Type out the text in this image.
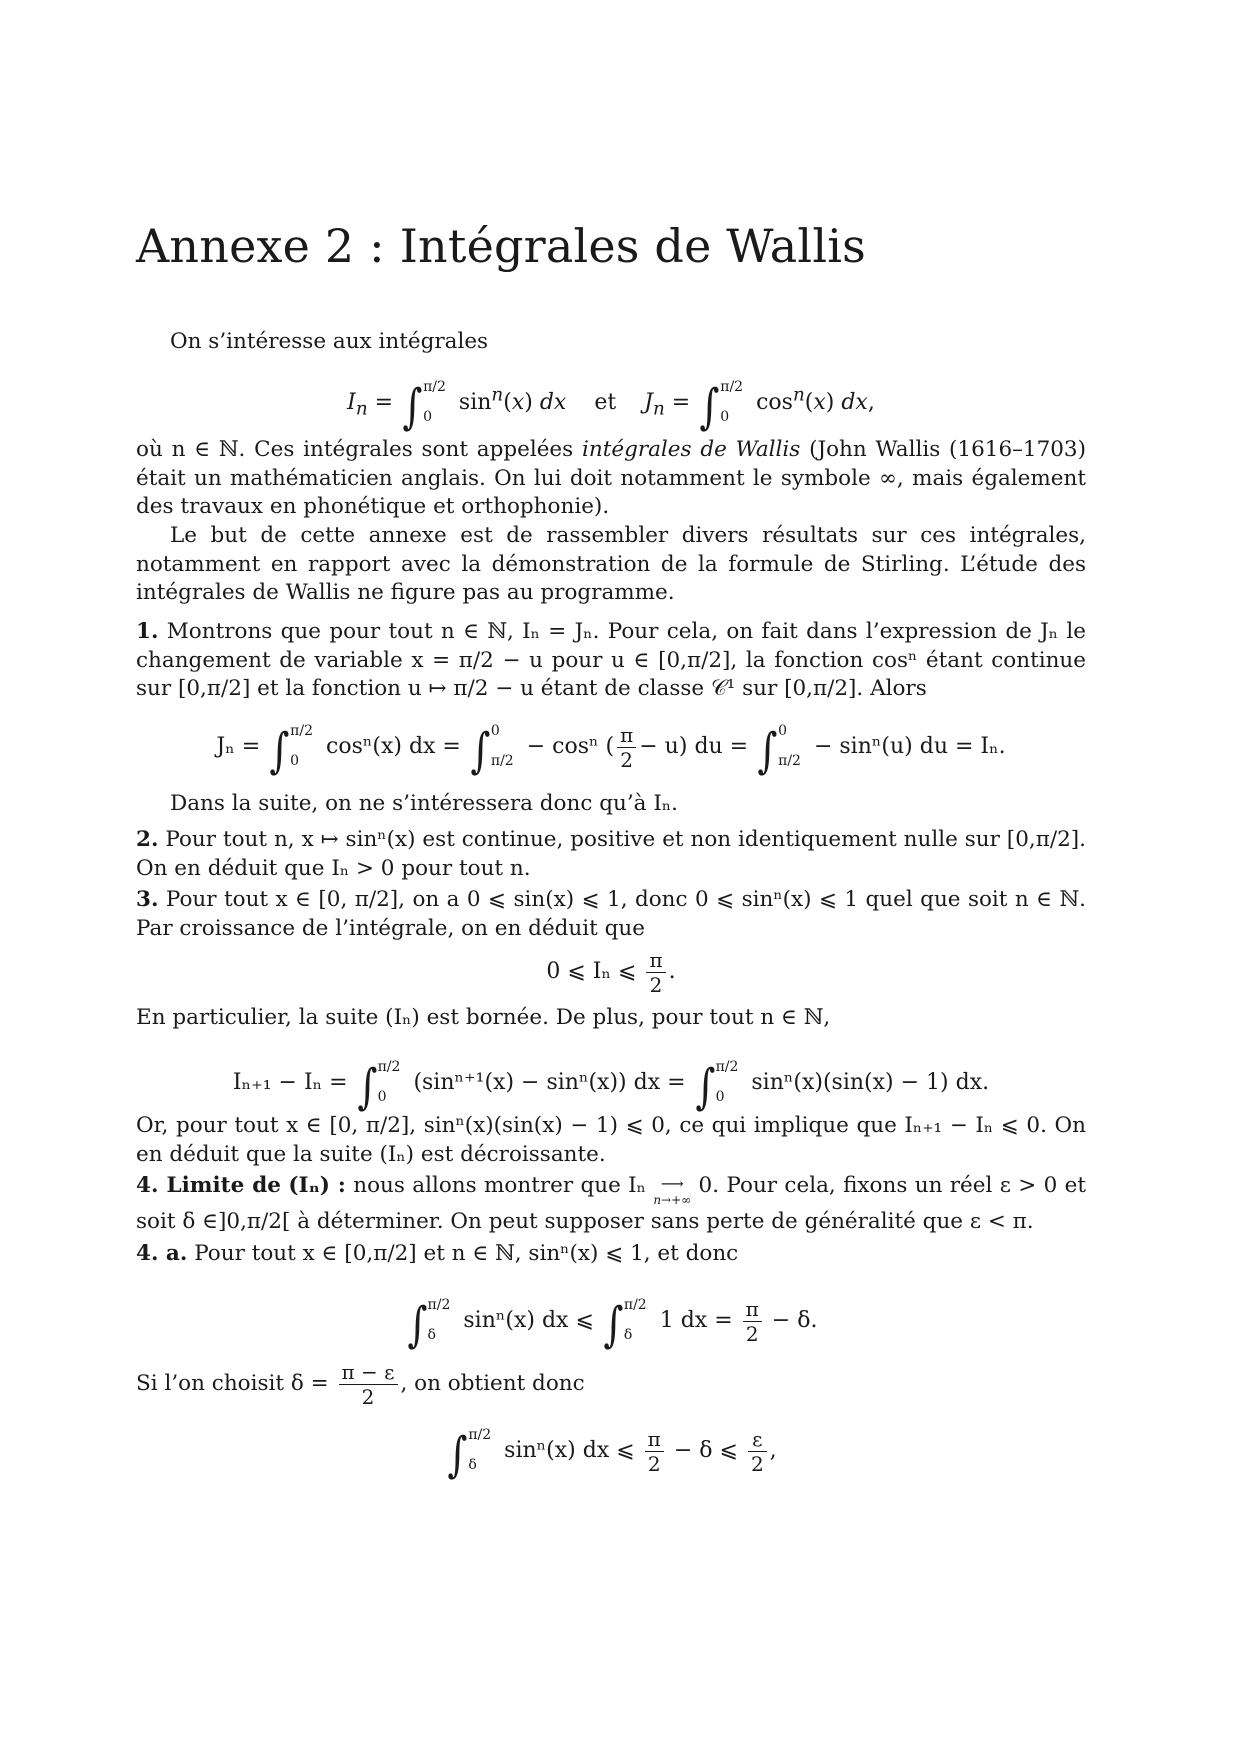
Annexe 2 : Intégrales de Wallis

On s’intéresse aux intégrales

$I_n$ = ∫ π/2
0
$\sin^n(x)$ dx et $J_n$ = ∫ π/2
0
$\cos^n(x)$ dx,

où n ∈ ℕ. Ces intégrales sont appelées intégrales de Wallis (John Wallis (1616–1703) était un mathématicien anglais. On lui doit notamment le symbole ∞, mais également des travaux en phonétique et orthophonie).

Le but de cette annexe est de rassembler divers résultats sur ces intégrales, notamment en rapport avec la démonstration de la formule de Stirling. L’étude des intégrales de Wallis ne figure pas au programme.

1. Montrons que pour tout n ∈ ℕ, Iₙ = Jₙ. Pour cela, on fait dans l’expression de Jₙ le changement de variable x = π/2 − u pour u ∈ [0,π/2], la fonction cosⁿ étant continue sur [0,π/2] et la fonction u ↦ π/2 − u étant de classe 𝒞¹ sur [0,π/2]. Alors

Jₙ = ∫ π/2
0
cosⁿ(x) dx = ∫ 0
π/2
− cosⁿ ( $\frac{\pi}{2} - u$) du = ∫ 0
π/2
− sinⁿ(u) du = Iₙ.

Dans la suite, on ne s’intéressera donc qu’à Iₙ.

2. Pour tout n, x ↦ sinⁿ(x) est continue, positive et non identiquement nulle sur [0,π/2]. On en déduit que Iₙ > 0 pour tout n.

3. Pour tout x ∈ [0, π/2], on a 0 ⩽ sin(x) ⩽ 1, donc 0 ⩽ sinⁿ(x) ⩽ 1 quel que soit n ∈ ℕ. Par croissance de l’intégrale, on en déduit que

0 ⩽ Iₙ ⩽ $\frac{\pi}{2}$ .

En particulier, la suite (Iₙ) est bornée. De plus, pour tout n ∈ ℕ,

Iₙ₊₁ − Iₙ = ∫ π/2
0
(sinⁿ⁺¹(x) − sinⁿ(x)) dx = ∫ π/2
0
sinⁿ(x)(sin(x) − 1) dx.

Or, pour tout x ∈ [0, π/2], sinⁿ(x)(sin(x) − 1) ⩽ 0, ce qui implique que Iₙ₊₁ − Iₙ ⩽ 0. On en déduit que la suite (Iₙ) est décroissante.

4. Limite de (Iₙ) : nous allons montrer que Iₙ ⟶
n→+∞
0. Pour cela, fixons un réel ε > 0 et soit δ ∈]0,π/2[ à déterminer. On peut supposer sans perte de généralité que ε < π.

4. a. Pour tout x ∈ [0,π/2] et n ∈ ℕ, sinⁿ(x) ⩽ 1, et donc

∫ π/2
δ
sinⁿ(x) dx ⩽ ∫ π/2
δ
1 dx = $\frac{\pi}{2} - \delta$.

Si l’on choisit $\delta = \frac{\pi - \varepsilon}{2}$ , on obtient donc

∫ π/2
δ
sinⁿ(x) dx ⩽ $\frac{\pi}{2} - \delta$ ⩽ $\frac{\varepsilon}{2}$ ,
